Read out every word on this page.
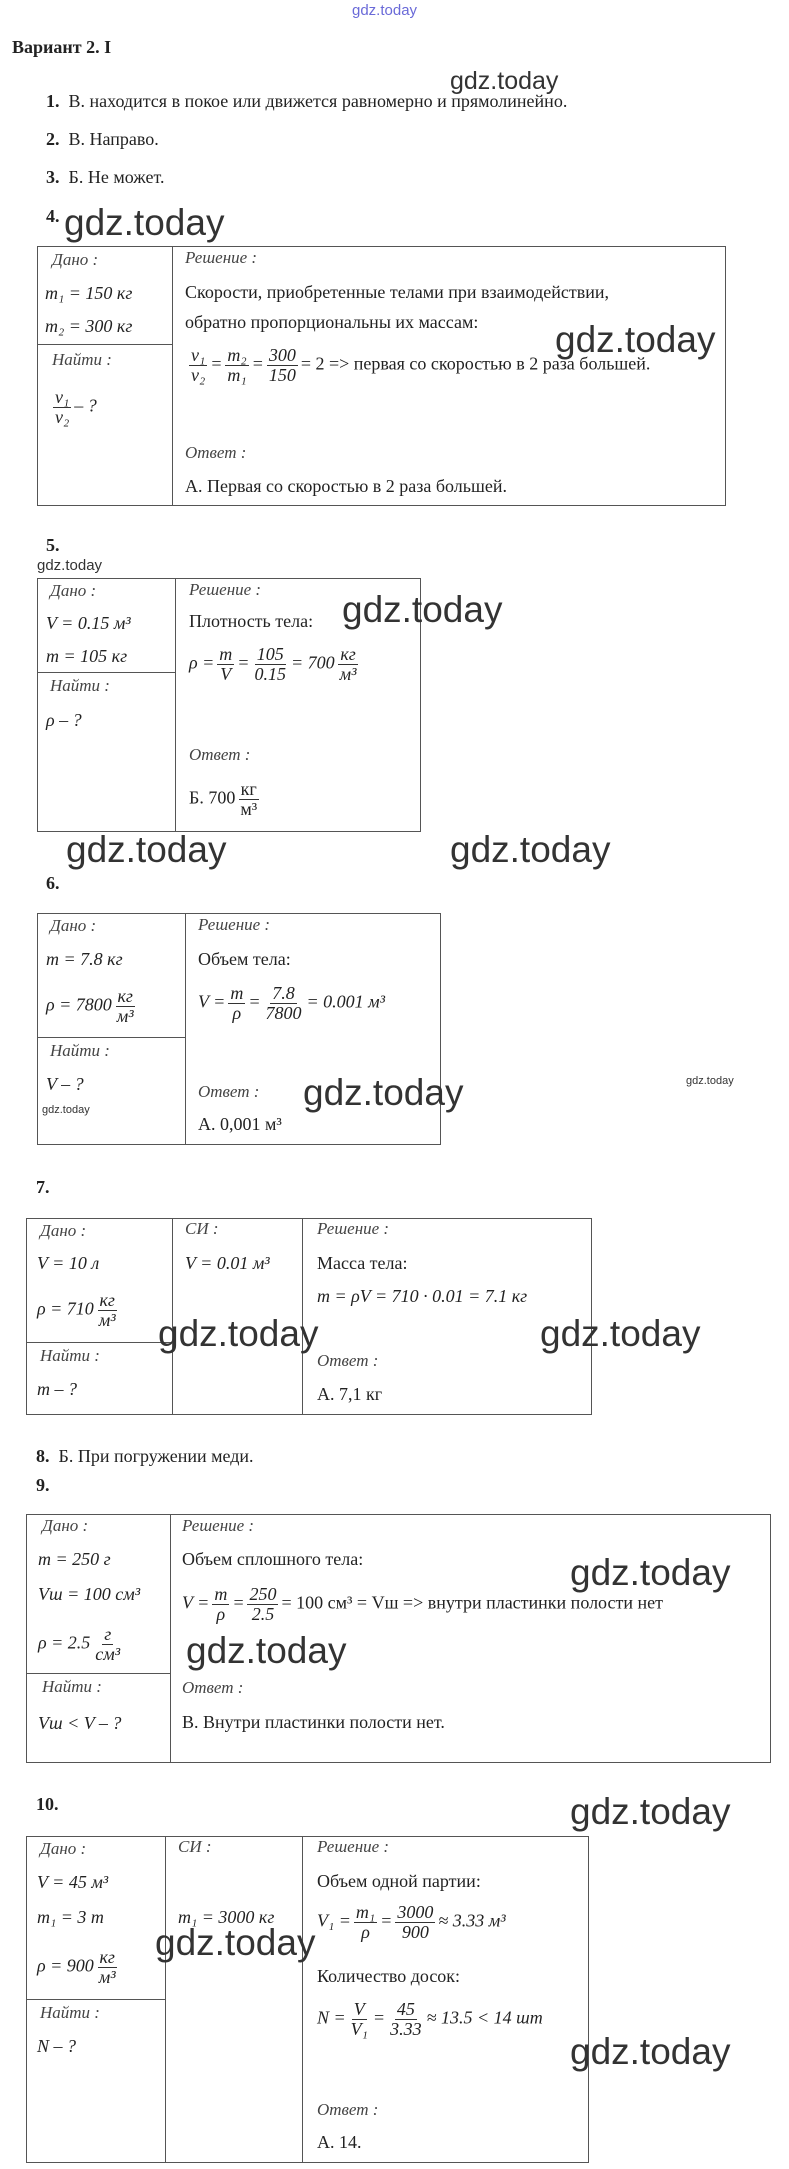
gdz.today
Вариант 2. I
1. В. находится в покое или движется равномерно и прямолинейно.
2. В. Направо.
3. Б. Не может.
4.
Дано :
m₁ = 150 кг
m₂ = 300 кг
Найти :
$\frac{\text{v₁}}{\text{v₂}}$ – ?
Решение :
Скорости, приобретенные телами при взаимодействии,
обратно пропорциональны их массам:
$\frac{\text{v₁}}{\text{v₂}} = \frac{\text{m₂}}{\text{m₁}} = \frac{300}{150} = 2$ => первая со скоростью в 2 раза большей.
Ответ :
А. Первая со скоростью в 2 раза большей.
5.
Дано :
V = 0.15 м³
m = 105 кг
Найти :
ρ – ?
Решение :
Плотность тела:
$\rho = \frac{m}{V} = \frac{105}{0.15} = 700 \frac{кг}{\text{м³}}$
Ответ :
Б. $700 \frac{кг}{\text{м³}}$
6.
Дано :
m = 7.8 кг
$\rho = 7800 \frac{кг}{\text{м³}}$
Найти :
V – ?
Решение :
Объем тела:
$V = \frac{m}{\rho} = \frac{7.8}{7800} = 0.001$ м³
Ответ :
А. 0,001 м³
7.
Дано :
V = 10 л
$\rho = 710 \frac{кг}{\text{м³}}$
Найти :
m – ?
СИ :
V = 0.01 м³
Решение :
Масса тела:
m = ρV = 710 · 0.01 = 7.1 кг
Ответ :
А. 7,1 кг
8. Б. При погружении меди.
9.
Дано :
m = 250 г
Vш = 100 см³
$\rho = 2.5 \frac{г}{\text{см³}}$
Найти :
Vш < V – ?
Решение :
Объем сплошного тела:
$V = \frac{m}{\rho} = \frac{250}{2.5} = 100$ см³ = Vш => внутри пластинки полости нет
Ответ :
В. Внутри пластинки полости нет.
10.
Дано :
V = 45 м³
m₁ = 3 т
$\rho = 900 \frac{кг}{\text{м³}}$
Найти :
N – ?
СИ :
m₁ = 3000 кг
Решение :
Объем одной партии:
$V_1 = \frac{\text{m₁}}{\rho} = \frac{3000}{900} \approx 3.33$ м³
Количество досок:
$N = \frac{V}{\text{V₁}} = \frac{45}{3.33} \approx 13.5 < 14$ шт
Ответ :
А. 14.
gdz.today
gdz.today
gdz.today
gdz.today
gdz.today
gdz.today	gdz.today
gdz.today
gdz.today	gdz.today
gdz.today	gdz.today
gdz.today
gdz.today
gdz.today
gdz.today
gdz.today
